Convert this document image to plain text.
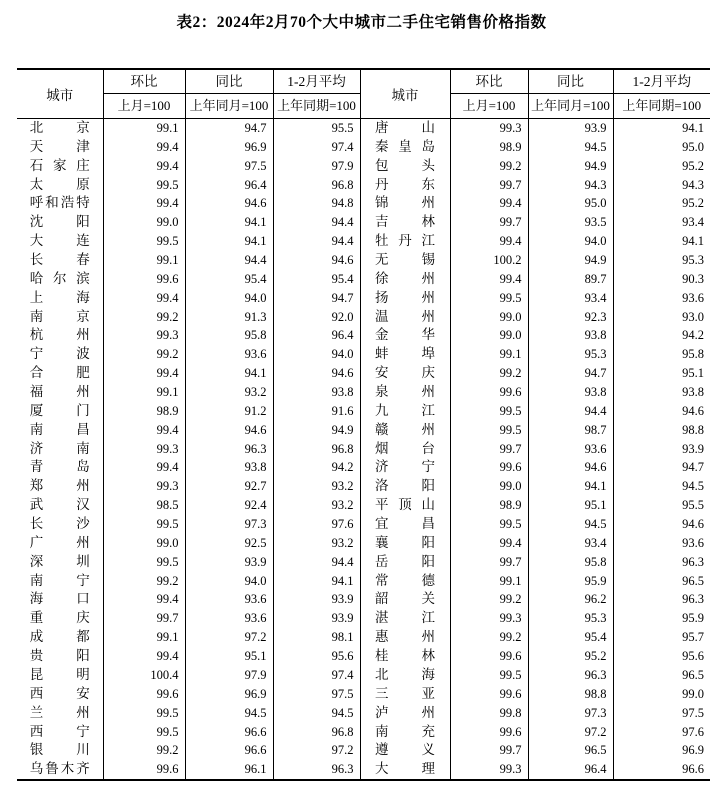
表2：2024年2月70个大中城市二手住宅销售价格指数
城市	环比	同比	1-2月平均	城市	环比	同比	1-2月平均
	上月=100	上年同月=100	上年同期=100		上月=100	上年同月=100	上年同期=100

北 京	99.1	94.7	95.5	唐 山	99.3	93.9	94.1

天 津	99.4	96.9	97.4	秦 皇 岛	98.9	94.5	95.0

石 家 庄	99.4	97.5	97.9	包 头	99.2	94.9	95.2

太 原	99.5	96.4	96.8	丹 东	99.7	94.3	94.3

呼 和 浩 特	99.4	94.6	94.8	锦 州	99.4	95.0	95.2

沈 阳	99.0	94.1	94.4	吉 林	99.7	93.5	93.4

大 连	99.5	94.1	94.4	牡 丹 江	99.4	94.0	94.1

长 春	99.1	94.4	94.6	无 锡	100.2	94.9	95.3

哈 尔 滨	99.6	95.4	95.4	徐 州	99.4	89.7	90.3

上 海	99.4	94.0	94.7	扬 州	99.5	93.4	93.6

南 京	99.2	91.3	92.0	温 州	99.0	92.3	93.0

杭 州	99.3	95.8	96.4	金 华	99.0	93.8	94.2

宁 波	99.2	93.6	94.0	蚌 埠	99.1	95.3	95.8

合 肥	99.4	94.1	94.6	安 庆	99.2	94.7	95.1

福 州	99.1	93.2	93.8	泉 州	99.6	93.8	93.8

厦 门	98.9	91.2	91.6	九 江	99.5	94.4	94.6

南 昌	99.4	94.6	94.9	赣 州	99.5	98.7	98.8

济 南	99.3	96.3	96.8	烟 台	99.7	93.6	93.9

青 岛	99.4	93.8	94.2	济 宁	99.6	94.6	94.7

郑 州	99.3	92.7	93.2	洛 阳	99.0	94.1	94.5

武 汉	98.5	92.4	93.2	平 顶 山	98.9	95.1	95.5

长 沙	99.5	97.3	97.6	宜 昌	99.5	94.5	94.6

广 州	99.0	92.5	93.2	襄 阳	99.4	93.4	93.6

深 圳	99.5	93.9	94.4	岳 阳	99.7	95.8	96.3

南 宁	99.2	94.0	94.1	常 德	99.1	95.9	96.5

海 口	99.4	93.6	93.9	韶 关	99.2	96.2	96.3

重 庆	99.7	93.6	93.9	湛 江	99.3	95.3	95.9

成 都	99.1	97.2	98.1	惠 州	99.2	95.4	95.7

贵 阳	99.4	95.1	95.6	桂 林	99.6	95.2	95.6

昆 明	100.4	97.9	97.4	北 海	99.5	96.3	96.5

西 安	99.6	96.9	97.5	三 亚	99.6	98.8	99.0

兰 州	99.5	94.5	94.5	泸 州	99.8	97.3	97.5

西 宁	99.5	96.6	96.8	南 充	99.6	97.2	97.6

银 川	99.2	96.6	97.2	遵 义	99.7	96.5	96.9

乌 鲁 木 齐	99.6	96.1	96.3	大 理	99.3	96.4	96.6
